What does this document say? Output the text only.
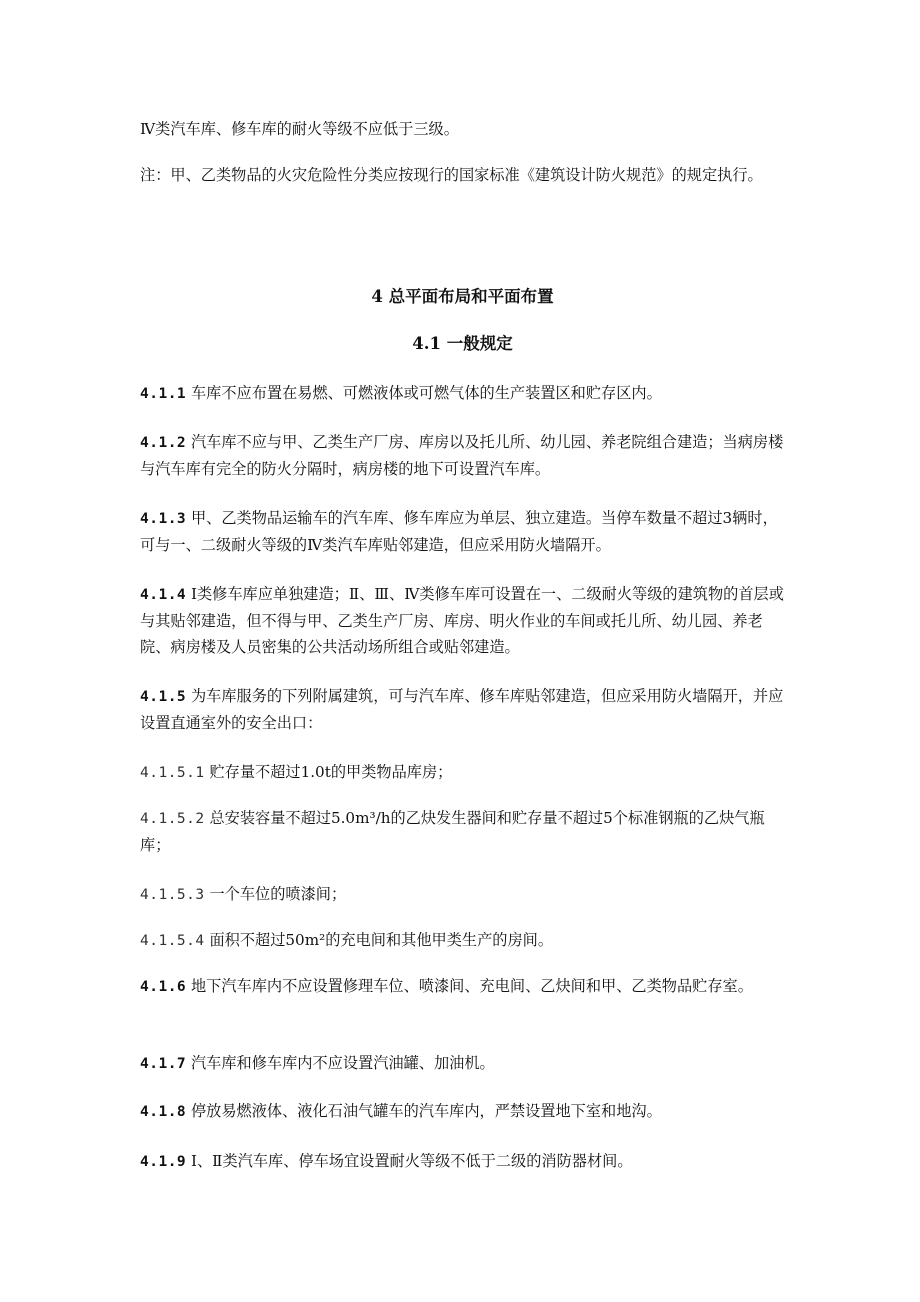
Ⅳ类汽车库、修车库的耐火等级不应低于三级。

注：甲、乙类物品的火灾危险性分类应按现行的国家标准《建筑设计防火规范》的规定执行。

4 总平面布局和平面布置
4.1 一般规定

4.1.1 车库不应布置在易燃、可燃液体或可燃气体的生产装置区和贮存区内。

4.1.2 汽车库不应与甲、乙类生产厂房、库房以及托儿所、幼儿园、养老院组合建造；当病房楼与汽车库有完全的防火分隔时，病房楼的地下可设置汽车库。

4.1.3 甲、乙类物品运输车的汽车库、修车库应为单层、独立建造。当停车数量不超过3辆时，可与一、二级耐火等级的Ⅳ类汽车库贴邻建造，但应采用防火墙隔开。

4.1.4 Ⅰ类修车库应单独建造；Ⅱ、Ⅲ、Ⅳ类修车库可设置在一、二级耐火等级的建筑物的首层或与其贴邻建造，但不得与甲、乙类生产厂房、库房、明火作业的车间或托儿所、幼儿园、养老院、病房楼及人员密集的公共活动场所组合或贴邻建造。

4.1.5 为车库服务的下列附属建筑，可与汽车库、修车库贴邻建造，但应采用防火墙隔开，并应设置直通室外的安全出口：

4.1.5.1 贮存量不超过1.0t的甲类物品库房；

4.1.5.2 总安装容量不超过5.0m³/h的乙炔发生器间和贮存量不超过5个标准钢瓶的乙炔气瓶库；

4.1.5.3 一个车位的喷漆间；

4.1.5.4 面积不超过50m²的充电间和其他甲类生产的房间。

4.1.6 地下汽车库内不应设置修理车位、喷漆间、充电间、乙炔间和甲、乙类物品贮存室。

4.1.7 汽车库和修车库内不应设置汽油罐、加油机。

4.1.8 停放易燃液体、液化石油气罐车的汽车库内，严禁设置地下室和地沟。

4.1.9 Ⅰ、Ⅱ类汽车库、停车场宜设置耐火等级不低于二级的消防器材间。
